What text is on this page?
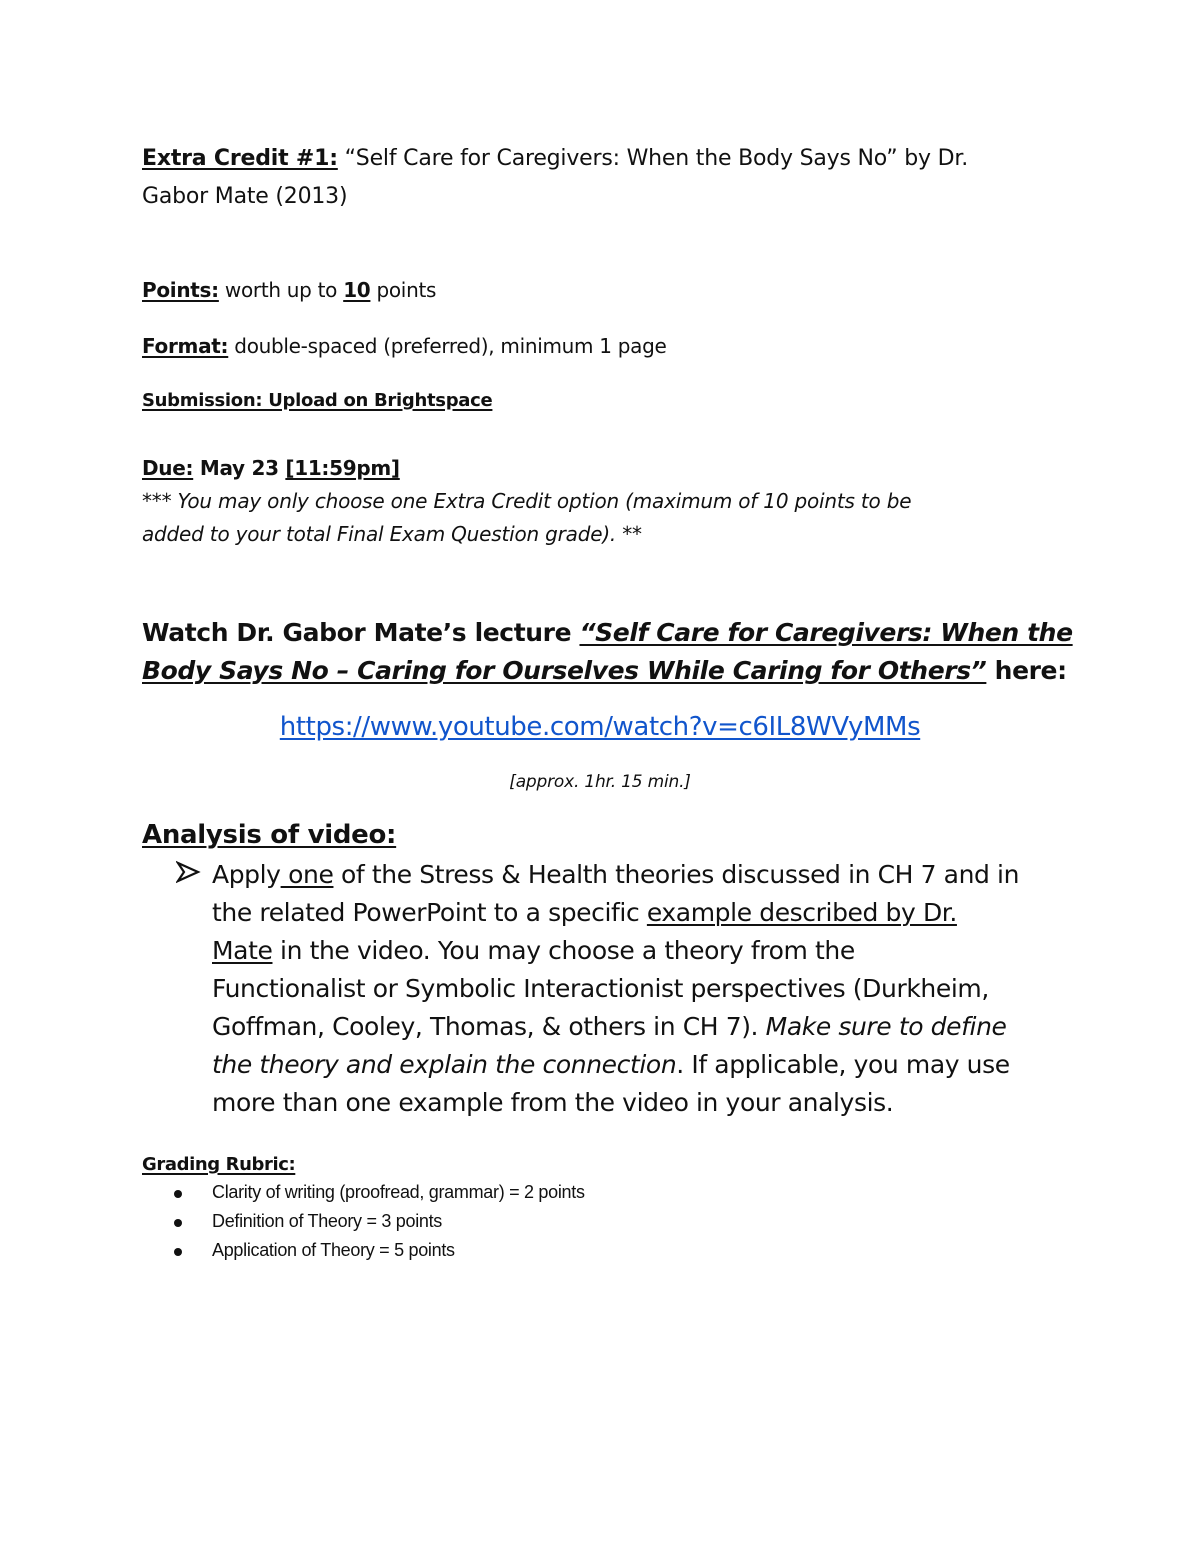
Extra Credit #1: “Self Care for Caregivers: When the Body Says No” by Dr.
Gabor Mate (2013)
Points: worth up to 10 points
Format: double-spaced (preferred), minimum 1 page
Submission: Upload on Brightspace
Due: May 23 [11:59pm]
*** You may only choose one Extra Credit option (maximum of 10 points to be
added to your total Final Exam Question grade). **
Watch Dr. Gabor Mate’s lecture “Self Care for Caregivers: When the
Body Says No – Caring for Ourselves While Caring for Others” here:
https://www.youtube.com/watch?v=c6IL8WVyMMs
[approx. 1hr. 15 min.]
Analysis of video:

Apply one of the Stress & Health theories discussed in CH 7 and in

the related PowerPoint to a specific example described by Dr.

Mate in the video. You may choose a theory from the

Functionalist or Symbolic Interactionist perspectives (Durkheim,

Goffman, Cooley, Thomas, & others in CH 7). Make sure to define

the theory and explain the connection. If applicable, you may use

more than one example from the video in your analysis.

Grading Rubric:
Clarity of writing (proofread, grammar) = 2 points
Definition of Theory = 3 points
Application of Theory = 5 points
